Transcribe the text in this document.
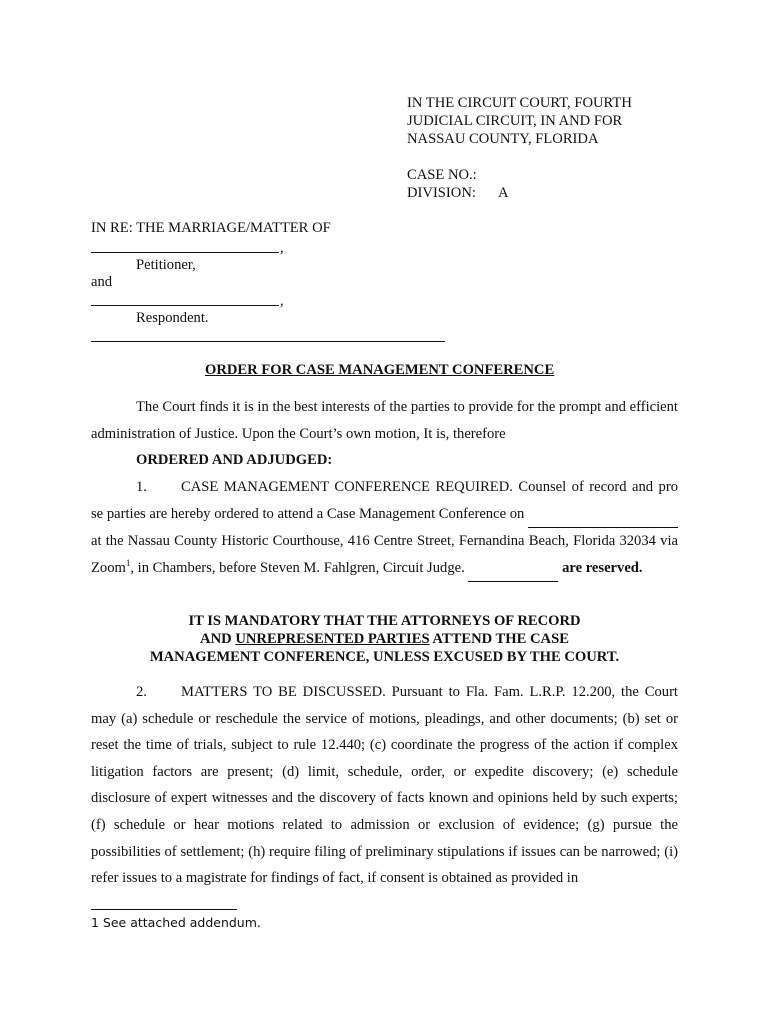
IN THE CIRCUIT COURT, FOURTH
JUDICIAL CIRCUIT, IN AND FOR
NASSAU COUNTY, FLORIDA
CASE NO.:
DIVISION: A
IN RE: THE MARRIAGE/MATTER OF
,
Petitioner,
and
,
Respondent.
ORDER FOR CASE MANAGEMENT CONFERENCE
The Court finds it is in the best interests of the parties to provide for the prompt and efficient administration of Justice. Upon the Court’s own motion, It is, therefore
ORDERED AND ADJUDGED:
1. CASE MANAGEMENT CONFERENCE REQUIRED. Counsel of record and pro se parties are hereby ordered to attend a Case Management Conference on  at the Nassau County Historic Courthouse, 416 Centre Street, Fernandina Beach, Florida 32034 via Zoom$^1$, in Chambers, before Steven M. Fahlgren, Circuit Judge.	are reserved.
IT IS MANDATORY THAT THE ATTORNEYS OF RECORD
AND UNREPRESENTED PARTIES ATTEND THE CASE
MANAGEMENT CONFERENCE, UNLESS EXCUSED BY THE COURT.
2. MATTERS TO BE DISCUSSED. Pursuant to Fla. Fam. L.R.P. 12.200, the Court may (a) schedule or reschedule the service of motions, pleadings, and other documents; (b) set or reset the time of trials, subject to rule 12.440; (c) coordinate the progress of the action if complex litigation factors are present; (d) limit, schedule, order, or expedite discovery; (e) schedule disclosure of expert witnesses and the discovery of facts known and opinions held by such experts; (f) schedule or hear motions related to admission or exclusion of evidence; (g) pursue the possibilities of settlement; (h) require filing of preliminary stipulations if issues can be narrowed; (i) refer issues to a magistrate for findings of fact, if consent is obtained as provided in
1 See attached addendum.
